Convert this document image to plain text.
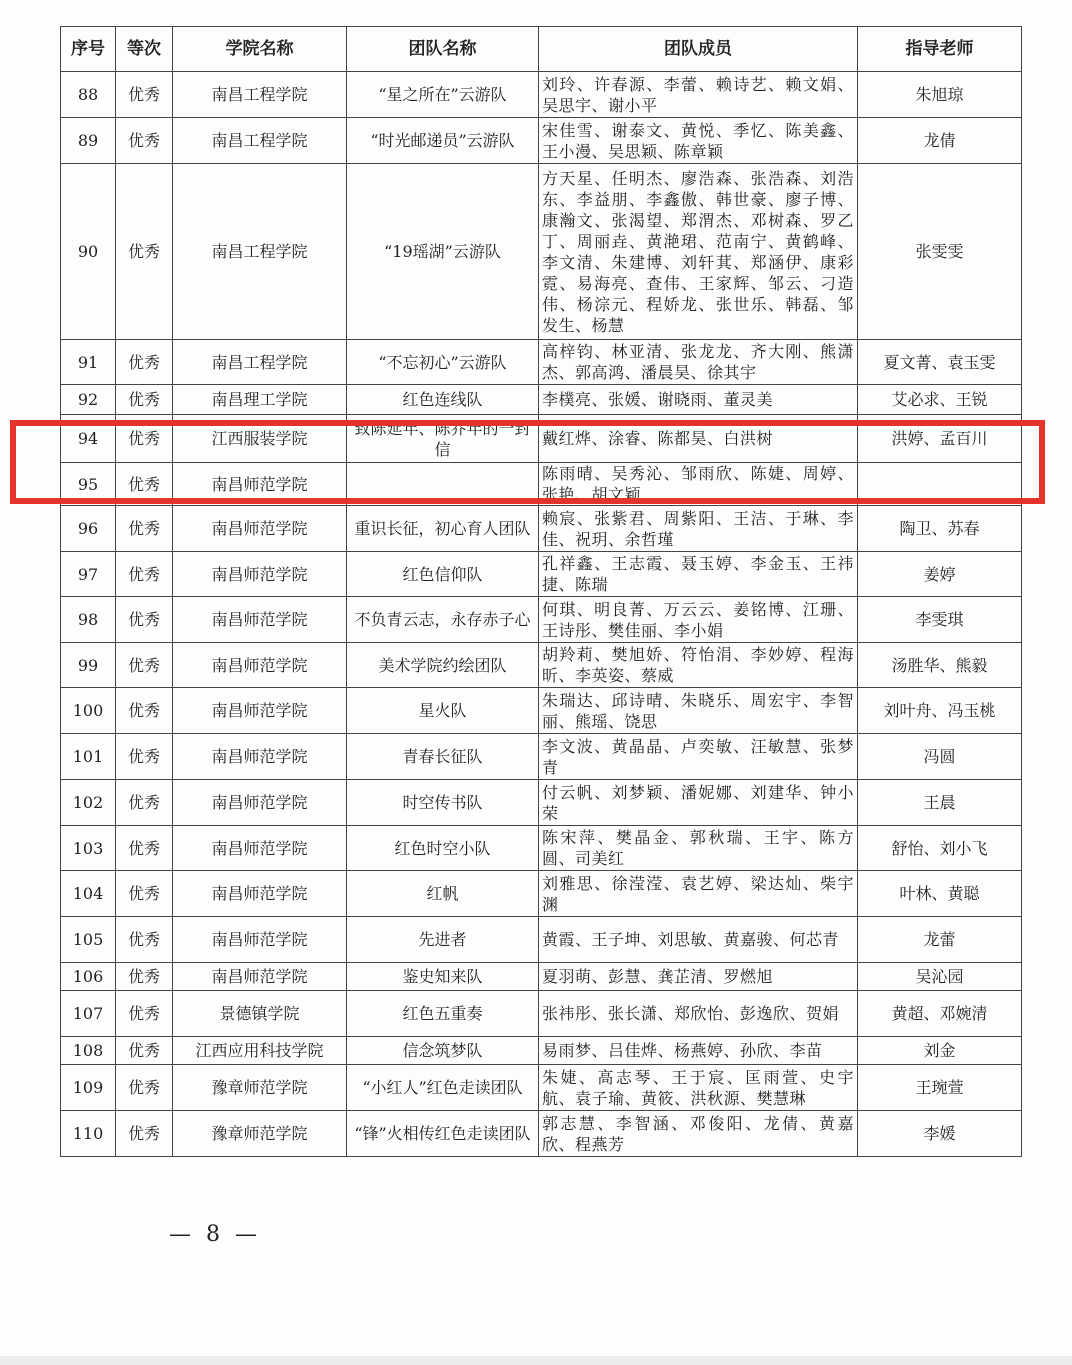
序号	等次	学院名称	团队名称	团队成员	指导老师
88	优秀	南昌工程学院	“星之所在”云游队	刘玲、许春源、李蕾、赖诗艺、赖文娟、吴思宇、谢小平	朱旭琼
89	优秀	南昌工程学院	“时光邮递员”云游队	宋佳雪、谢泰文、黄悦、季忆、陈美鑫、王小漫、吴思颖、陈章颖	龙倩
90	优秀	南昌工程学院	“19瑶湖”云游队	方天星、任明杰、廖浩森、张浩森、刘浩东、李益朋、李鑫傲、韩世豪、廖子博、康瀚文、张渴望、郑渭杰、邓树森、罗乙丁、周丽垚、黄滟珺、范南宁、黄鹤峰、李文清、朱建博、刘轩萁、郑涵伊、康彩霓、易海亮、查伟、王家辉、邹云、刁造伟、杨淙元、程娇龙、张世乐、韩磊、邹发生、杨慧	张雯雯
91	优秀	南昌工程学院	“不忘初心”云游队	高梓钧、林亚清、张龙龙、齐大刚、熊潇杰、郭高鸿、潘晨昊、徐其宇	夏文菁、袁玉雯
92	优秀	南昌理工学院	红色连线队	李樸亮、张媛、谢晓雨、董灵美	艾必求、王锐
94	优秀	江西服装学院	致陈延年、陈乔年的一封信	戴红烨、涂睿、陈都昊、白洪树	洪婷、孟百川
95	优秀	南昌师范学院		陈雨晴、吴秀沁、邹雨欣、陈婕、周婷、张艳、胡文颖	
96	优秀	南昌师范学院	重识长征，初心育人团队	赖宸、张紫君、周紫阳、王洁、于琳、李佳、祝玥、余哲瑾	陶卫、苏春
97	优秀	南昌师范学院	红色信仰队	孔祥鑫、王志霞、聂玉婷、李金玉、王祎捷、陈瑞	姜婷
98	优秀	南昌师范学院	不负青云志，永存赤子心	何琪、明良菁、万云云、姜铭博、江珊、王诗彤、樊佳丽、李小娟	李雯琪
99	优秀	南昌师范学院	美术学院约绘团队	胡羚莉、樊旭娇、符怡涓、李妙婷、程海昕、李英姿、蔡威	汤胜华、熊毅
100	优秀	南昌师范学院	星火队	朱瑞达、邱诗晴、朱晓乐、周宏宇、李智丽、熊瑶、饶思	刘叶舟、冯玉桃
101	优秀	南昌师范学院	青春长征队	李文波、黄晶晶、卢奕敏、汪敏慧、张梦青	冯圆
102	优秀	南昌师范学院	时空传书队	付云帆、刘梦颖、潘妮娜、刘建华、钟小荣	王晨
103	优秀	南昌师范学院	红色时空小队	陈宋萍、樊晶金、郭秋瑞、王宇、陈方圆、司美红	舒怡、刘小飞
104	优秀	南昌师范学院	红帆	刘雅思、徐滢滢、袁艺婷、梁达灿、柴宇渊	叶林、黄聪
105	优秀	南昌师范学院	先进者	黄霞、王子坤、刘思敏、黄嘉骏、何芯青	龙蕾
106	优秀	南昌师范学院	鉴史知来队	夏羽萌、彭慧、龚芷清、罗燃旭	吴沁园
107	优秀	景德镇学院	红色五重奏	张祎彤、张长潇、郑欣怡、彭逸欣、贺娟	黄超、邓婉清
108	优秀	江西应用科技学院	信念筑梦队	易雨梦、吕佳烨、杨燕婷、孙欣、李苗	刘金
109	优秀	豫章师范学院	“小红人”红色走读团队	朱婕、高志琴、王于宸、匡雨萱、史宇航、袁子瑜、黄筱、洪秋源、樊慧琳	王琬萱
110	优秀	豫章师范学院	“锋”火相传红色走读团队	郭志慧、李智涵、邓俊阳、龙倩、黄嘉欣、程燕芳	李媛
— 8 —
